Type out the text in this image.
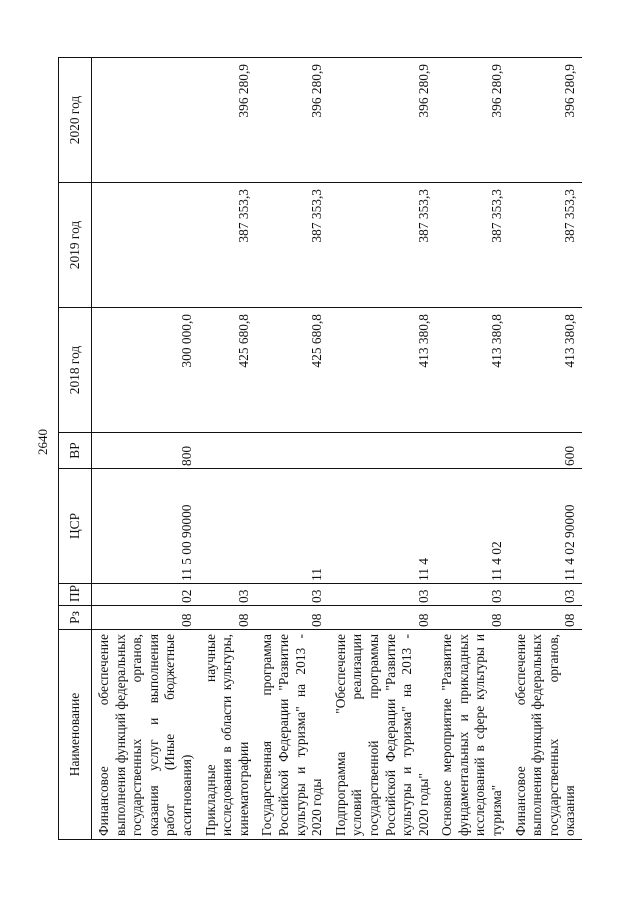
2640
Наименование	Рз	ПР	ЦСР	ВР	2018 год	2019 год	2020 год
Финансовое обеспечение выполнения функций федеральных государственных органов, оказания услуг и выполнения работ (Иные бюджетные ассигнования)	08	02	11 5 00 90000	800	300 000,0		
Прикладные научные исследования в области культуры, кинематографии	08	03			425 680,8	387 353,3	396 280,9
Государственная программа Российской Федерации "Развитие культуры и туризма" на 2013 - 2020 годы	08	03	11		425 680,8	387 353,3	396 280,9
Подпрограмма "Обеспечение условий реализации государственной программы Российской Федерации "Развитие культуры и туризма" на 2013 - 2020 годы"	08	03	11 4		413 380,8	387 353,3	396 280,9
Основное мероприятие "Развитие фундаментальных и прикладных исследований в сфере культуры и туризма"	08	03	11 4 02		413 380,8	387 353,3	396 280,9
Финансовое обеспечение выполнения функций федеральных государственных органов, оказания	08	03	11 4 02 90000	600	413 380,8	387 353,3	396 280,9
